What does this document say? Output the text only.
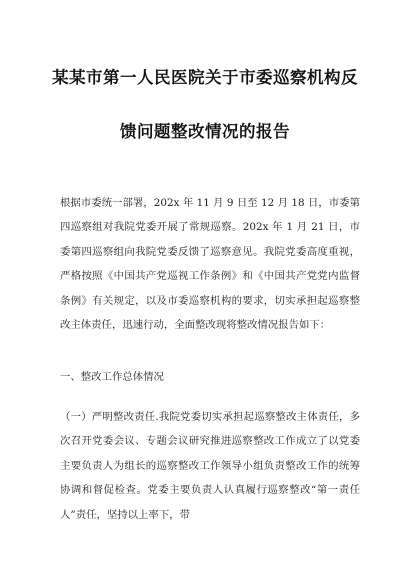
某某市第一人民医院关于市委巡察机构反
馈问题整改情况的报告
根据市委统一部署，202x 年 11 月 9 日至 12 月 18 日，市委第四巡察组对我院党委开展了常规巡察。202x 年 1 月 21 日，市委第四巡察组向我院党委反馈了巡察意见。我院党委高度重视，严格按照《中国共产党巡视工作条例》和《中国共产党党内监督条例》有关规定，以及市委巡察机构的要求，切实承担起巡察整改主体责任，迅速行动，全面整改现将整改情况报告如下：
一、整改工作总体情况
（一）严明整改责任.我院党委切实承担起巡察整改主体责任，多次召开党委会议、专题会议研究推进巡察整改工作成立了以党委主要负责人为组长的巡察整改工作领导小组负责整改工作的统筹协调和督促检查。党委主要负责人认真履行巡察整改“第一责任人”责任，坚持以上率下，带
